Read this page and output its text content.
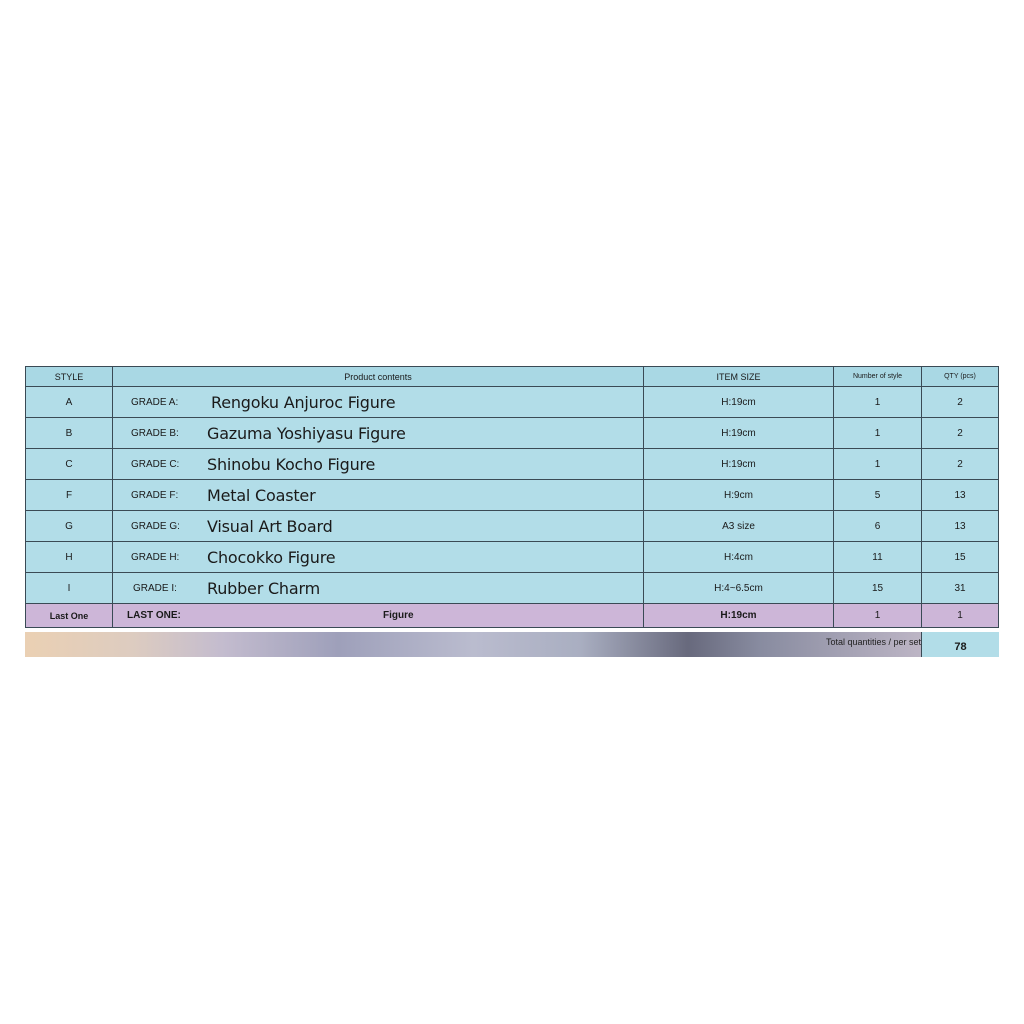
STYLE	Product contents	ITEM SIZE	Number of style	QTY (pcs)
A	GRADE A: Rengoku Anjuroc Figure	H:19cm	1	2
B	GRADE B: Gazuma Yoshiyasu Figure	H:19cm	1	2
C	GRADE C: Shinobu Kocho Figure	H:19cm	1	2
F	GRADE F: Metal Coaster	H:9cm	5	13
G	GRADE G: Visual Art Board	A3 size	6	13
H	GRADE H: Chocokko Figure	H:4cm	11	15
I	GRADE I: Rubber Charm	H:4~6.5cm	15	31
Last One	LAST ONE: Figure	H:19cm	1	1
Total quantities / per set	78
